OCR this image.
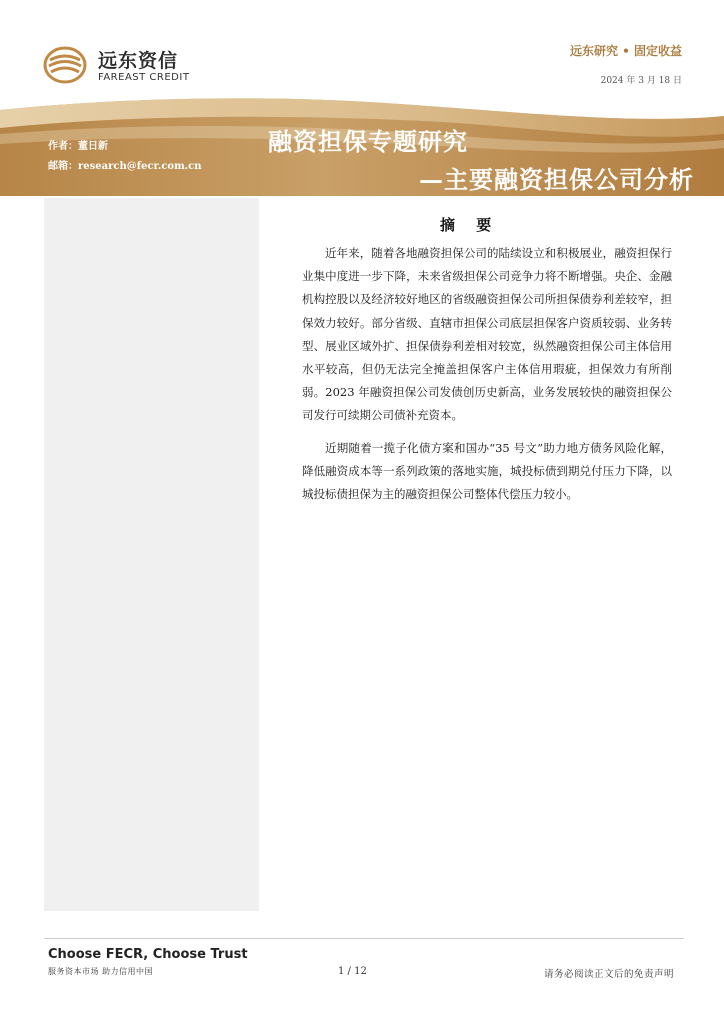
远东资信
FAREAST CREDIT
远东研究 • 固定收益
2024 年 3 月 18 日
作者：董日新
邮箱：research@fecr.com.cn
融资担保专题研究
—主要融资担保公司分析
摘 要

近年来，随着各地融资担保公司的陆续设立和积极展业，融资担保行业集中度进一步下降，未来省级担保公司竞争力将不断增强。央企、金融机构控股以及经济较好地区的省级融资担保公司所担保债券利差较窄，担保效力较好。部分省级、直辖市担保公司底层担保客户资质较弱、业务转型、展业区域外扩、担保债券利差相对较宽，纵然融资担保公司主体信用水平较高，但仍无法完全掩盖担保客户主体信用瑕疵，担保效力有所削弱。2023 年融资担保公司发债创历史新高，业务发展较快的融资担保公司发行可续期公司债补充资本。

近期随着一揽子化债方案和国办“35 号文”助力地方债务风险化解，降低融资成本等一系列政策的落地实施，城投标债到期兑付压力下降，以城投标债担保为主的融资担保公司整体代偿压力较小。

Choose FECR, Choose Trust
服务资本市场 助力信用中国	1 / 12	请务必阅读正文后的免责声明
